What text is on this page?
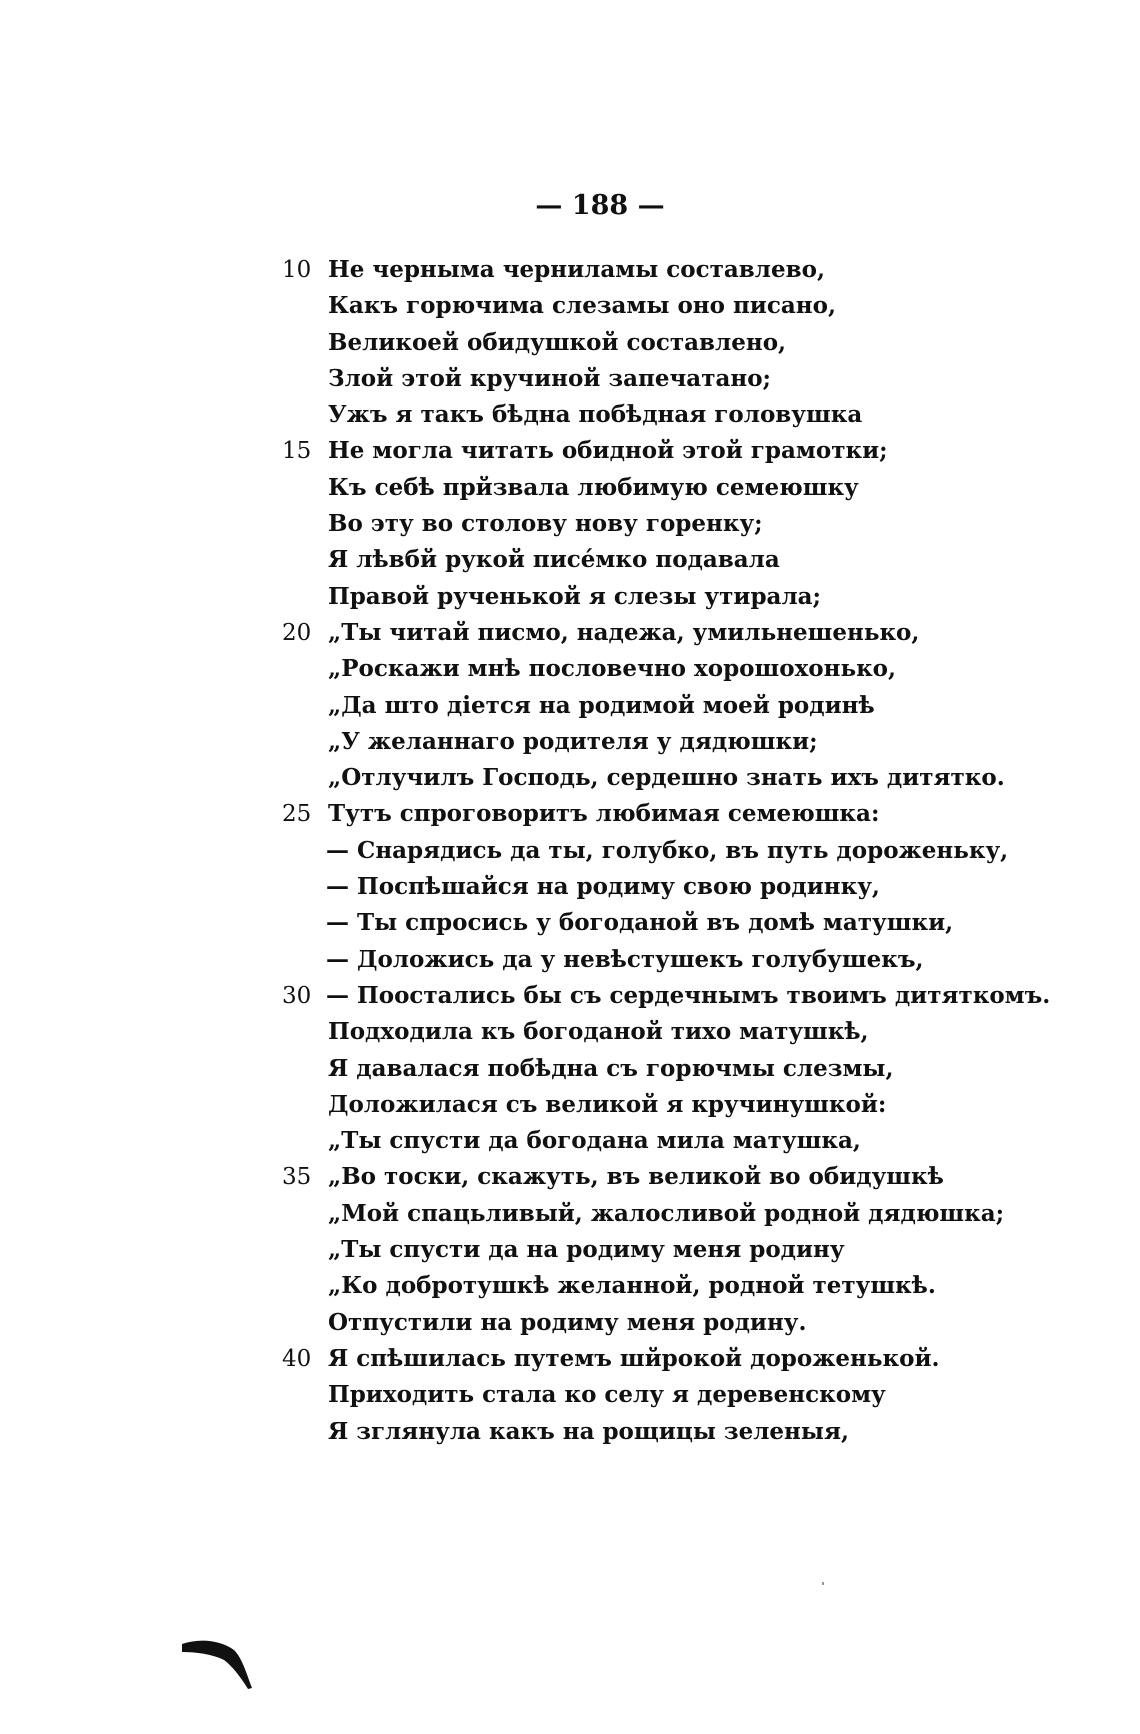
— 188 —
10 Не черныма черниламы составлево,
Какъ горючима слезамы оно писано,
Великоей обидушкой составлено,
Злой этой кручиной запечатано;
Ужъ я такъ бѣдна побѣдная головушка
15 Не могла читать обидной этой грамотки;
Къ себѣ прйзвала любимую семеюшку
Во эту во столову нову горенку;
Я лѣвбй рукой писéмко подавала
Правой рученькой я слезы утирала;
20 „Ты читай писмо, надежа, умильнешенько,
„Роскажи мнѣ пословечно хорошохонько,
„Да што дiется на родимой моей родинѣ
„У желаннаго родителя у дядюшки;
„Отлучилъ Господь, сердешно знать ихъ дитятко.
25 Тутъ спроговоритъ любимая семеюшка:
— Снарядись да ты, голубко, въ путь дороженьку,
— Поспѣшайся на родиму свою родинку,
— Ты спросись у богоданой въ домѣ матушки,
— Доложись да у невѣстушекъ голубушекъ,
30 — Поостались бы съ сердечнымъ твоимъ дитяткомъ.
Подходила къ богоданой тихо матушкѣ,
Я давалася побѣдна съ горючмы слезмы,
Доложилася съ великой я кручинушкой:
„Ты спусти да богодана мила матушка,
35 „Во тоски, скажуть, въ великой во обидушкѣ
„Мой спацьливый, жалосливой родной дядюшка;
„Ты спусти да на родиму меня родину
„Ко добротушкѣ желанной, родной тетушкѣ.
Отпустили на родиму меня родину.
40 Я спѣшилась путемъ шйрокой дороженькой.
Приходить стала ко селу я деревенскому
Я зглянула какъ на рощицы зеленыя,
